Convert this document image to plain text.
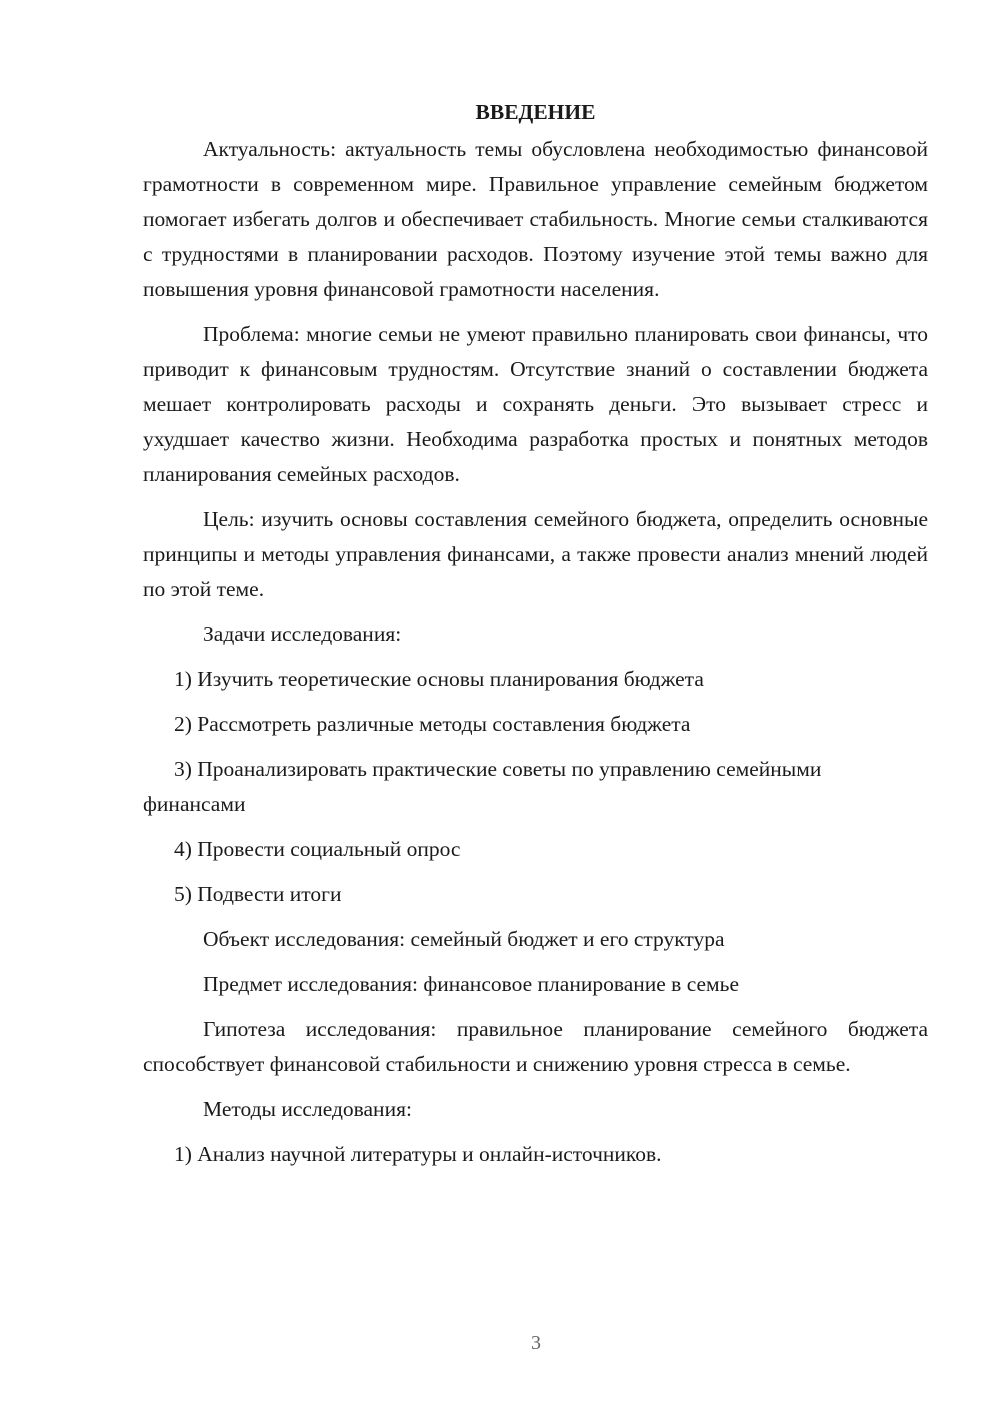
ВВЕДЕНИЕ

Актуальность: актуальность темы обусловлена необходимостью финансовой грамотности в современном мире. Правильное управление семейным бюджетом помогает избегать долгов и обеспечивает стабильность. Многие семьи сталкиваются с трудностями в планировании расходов. Поэтому изучение этой темы важно для повышения уровня финансовой грамотности населения.

Проблема: многие семьи не умеют правильно планировать свои финансы, что приводит к финансовым трудностям. Отсутствие знаний о составлении бюджета мешает контролировать расходы и сохранять деньги. Это вызывает стресс и ухудшает качество жизни. Необходима разработка простых и понятных методов планирования семейных расходов.

Цель: изучить основы составления семейного бюджета, определить основные принципы и методы управления финансами, а также провести анализ мнений людей по этой теме.

Задачи исследования:

1) Изучить теоретические основы планирования бюджета

2) Рассмотреть различные методы составления бюджета

3) Проанализировать практические советы по управлению семейными финансами

4) Провести социальный опрос

5) Подвести итоги

Объект исследования: семейный бюджет и его структура

Предмет исследования: финансовое планирование в семье

Гипотеза исследования: правильное планирование семейного бюджета способствует финансовой стабильности и снижению уровня стресса в семье.

Методы исследования:

1) Анализ научной литературы и онлайн-источников.

3
